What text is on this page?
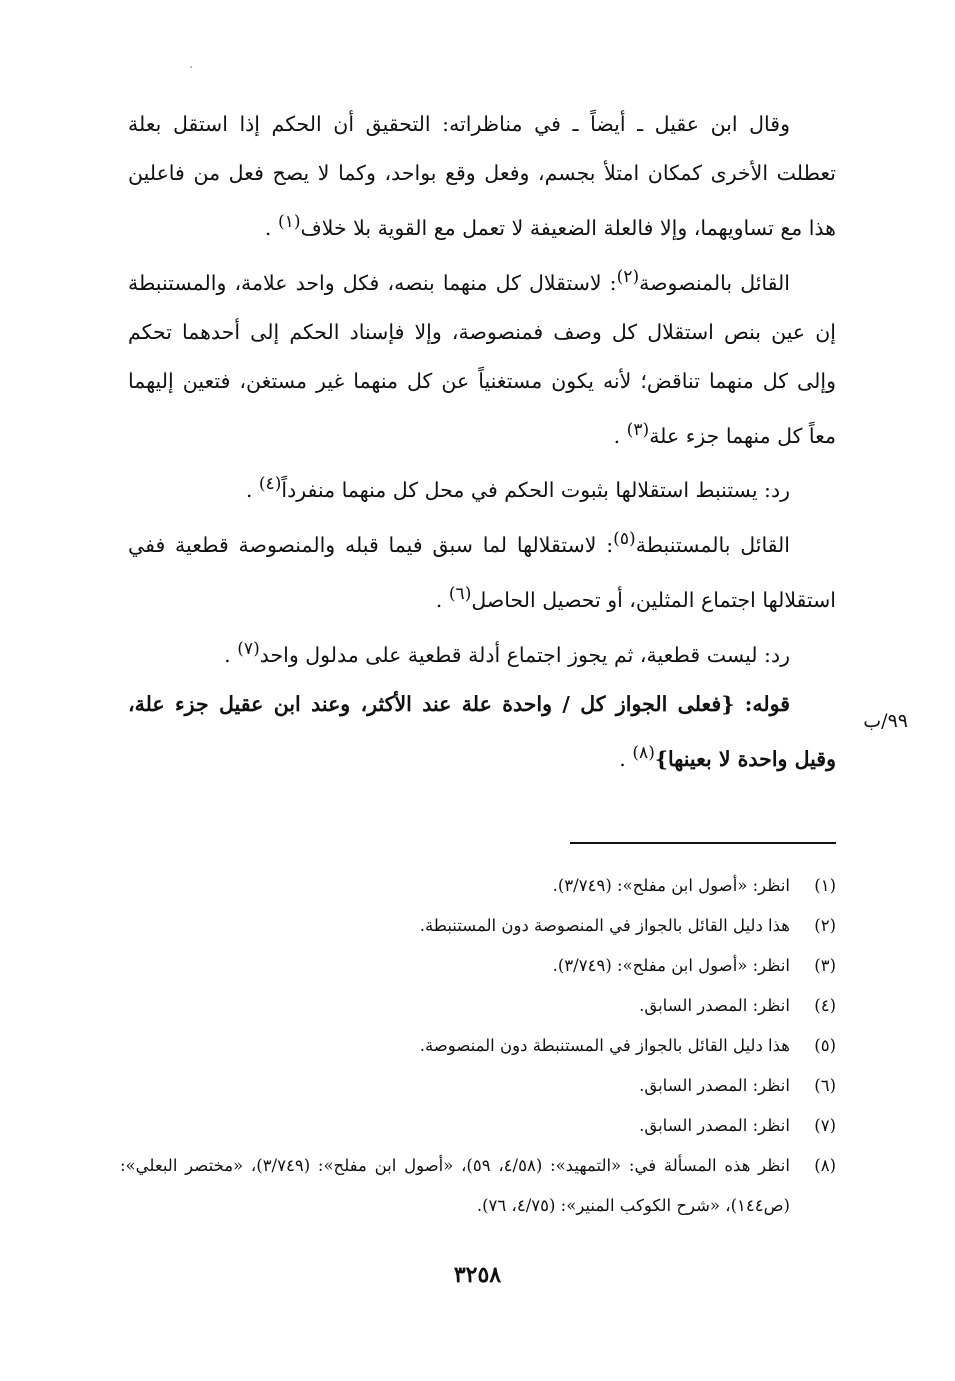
وقال ابن عقيل ـ أيضاً ـ في مناظراته: التحقيق أن الحكم إذا استقل بعلة تعطلت الأخرى كمكان امتلأ بجسم، وفعل وقع بواحد، وكما لا يصح فعل من فاعلين هذا مع تساويهما، وإلا فالعلة الضعيفة لا تعمل مع القوية بلا خلاف$^{(١)}$ .

القائل بالمنصوصة$^{(٢)}$: لاستقلال كل منهما بنصه، فكل واحد علامة، والمستنبطة إن عين بنص استقلال كل وصف فمنصوصة، وإلا فإسناد الحكم إلى أحدهما تحكم وإلى كل منهما تناقض؛ لأنه يكون مستغنياً عن كل منهما غير مستغن، فتعين إليهما معاً كل منهما جزء علة$^{(٣)}$ .

رد: يستنبط استقلالها بثبوت الحكم في محل كل منهما منفرداً$^{(٤)}$ .

القائل بالمستنبطة$^{(٥)}$: لاستقلالها لما سبق فيما قبله والمنصوصة قطعية ففي استقلالها اجتماع المثلين، أو تحصيل الحاصل$^{(٦)}$ .

رد: ليست قطعية، ثم يجوز اجتماع أدلة قطعية على مدلول واحد$^{(٧)}$ .

قوله: {فعلى الجواز كل / واحدة علة عند الأكثر، وعند ابن عقيل جزء علة، وقيل واحدة لا بعينها}$^{(٨)}$ .

٩٩/ب
(١)
انظر: «أصول ابن مفلح»: (٣/٧٤٩).
(٢)
هذا دليل القائل بالجواز في المنصوصة دون المستنبطة.
(٣)
انظر: «أصول ابن مفلح»: (٣/٧٤٩).
(٤)
انظر: المصدر السابق.
(٥)
هذا دليل القائل بالجواز في المستنبطة دون المنصوصة.
(٦)
انظر: المصدر السابق.
(٧)
انظر: المصدر السابق.
(٨)
انظر هذه المسألة في: «التمهيد»: (٤/٥٨، ٥٩)، «أصول ابن مفلح»: (٣/٧٤٩)، «مختصر البعلي»: (ص١٤٤)، «شرح الكوكب المنير»: (٤/٧٥، ٧٦).
٣٢٥٨
